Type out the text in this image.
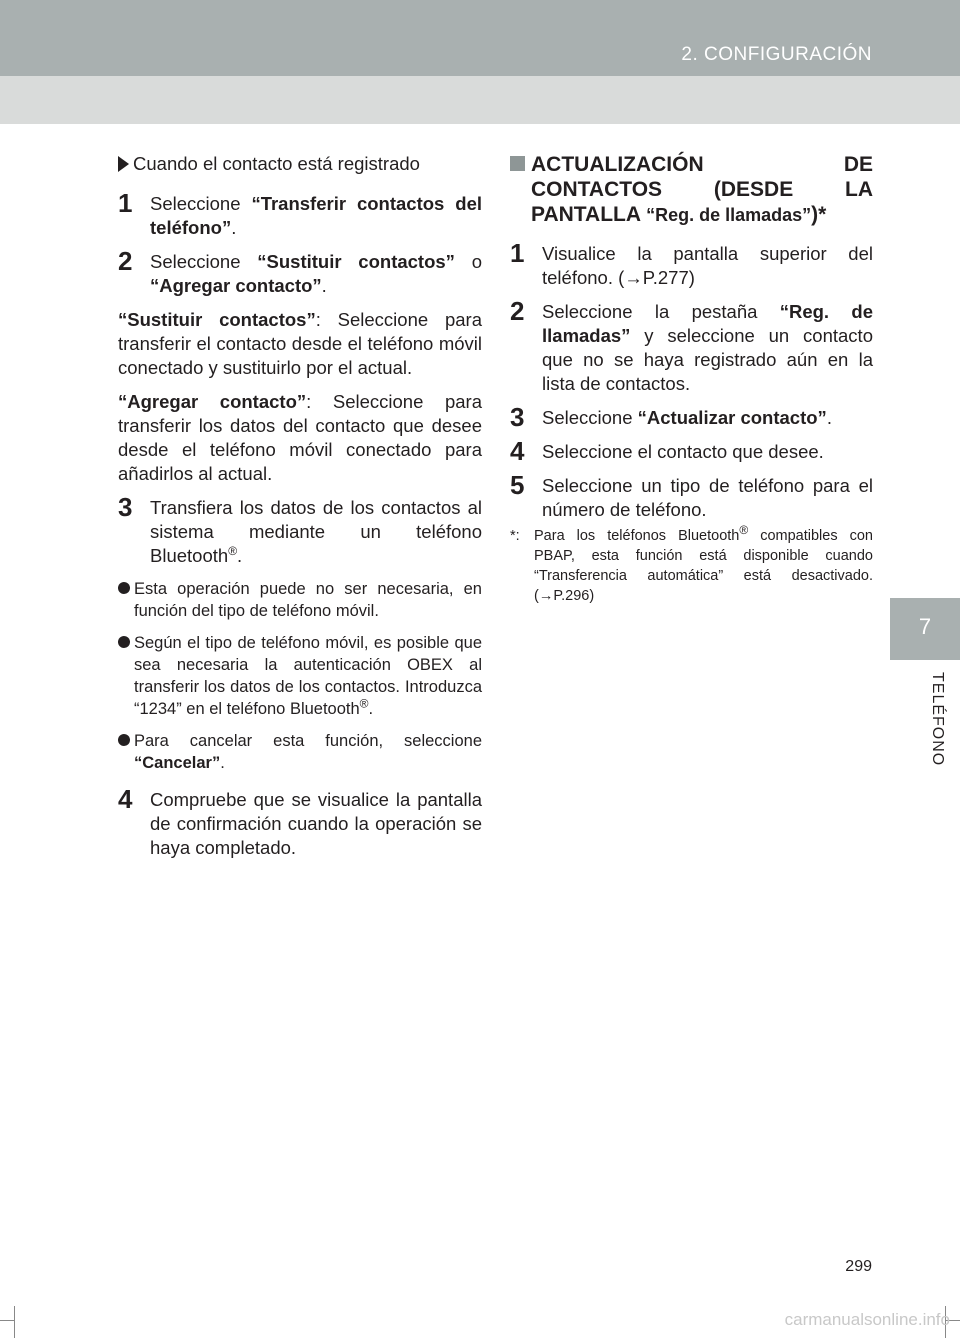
2. CONFIGURACIÓN
7
TELÉFONO
Cuando el contacto está registrado
1 Seleccione “Transferir contactos del teléfono”.

2 Seleccione “Sustituir contactos” o “Agregar contacto”.

“Sustituir contactos”: Seleccione para transferir el contacto desde el teléfono móvil conectado y sustituirlo por el actual.

“Agregar contacto”: Seleccione para transferir los datos del contacto que desee desde el teléfono móvil conectado para añadirlos al actual.

3 Transfiera los datos de los contactos al sistema mediante un teléfono Bluetooth®.

Esta operación puede no ser necesaria, en función del tipo de teléfono móvil.

Según el tipo de teléfono móvil, es posible que sea necesaria la autenticación OBEX al transferir los datos de los contactos. Introduzca “1234” en el teléfono Bluetooth®.

Para cancelar esta función, seleccione “Cancelar”.

4 Compruebe que se visualice la pantalla de confirmación cuando la operación se haya completado.

ACTUALIZACIÓN DE CONTACTOS (DESDE LA PANTALLA “Reg. de llamadas”)*

1 Visualice la pantalla superior del teléfono. (→P.277)

2 Seleccione la pestaña “Reg. de llamadas” y seleccione un contacto que no se haya registrado aún en la lista de contactos.

3 Seleccione “Actualizar contacto”.

4 Seleccione el contacto que desee.

5 Seleccione un tipo de teléfono para el número de teléfono.

*: Para los teléfonos Bluetooth® compatibles con PBAP, esta función está disponible cuando “Transferencia automática” está desactivado. (→P.296)

299
carmanualsonline.info
